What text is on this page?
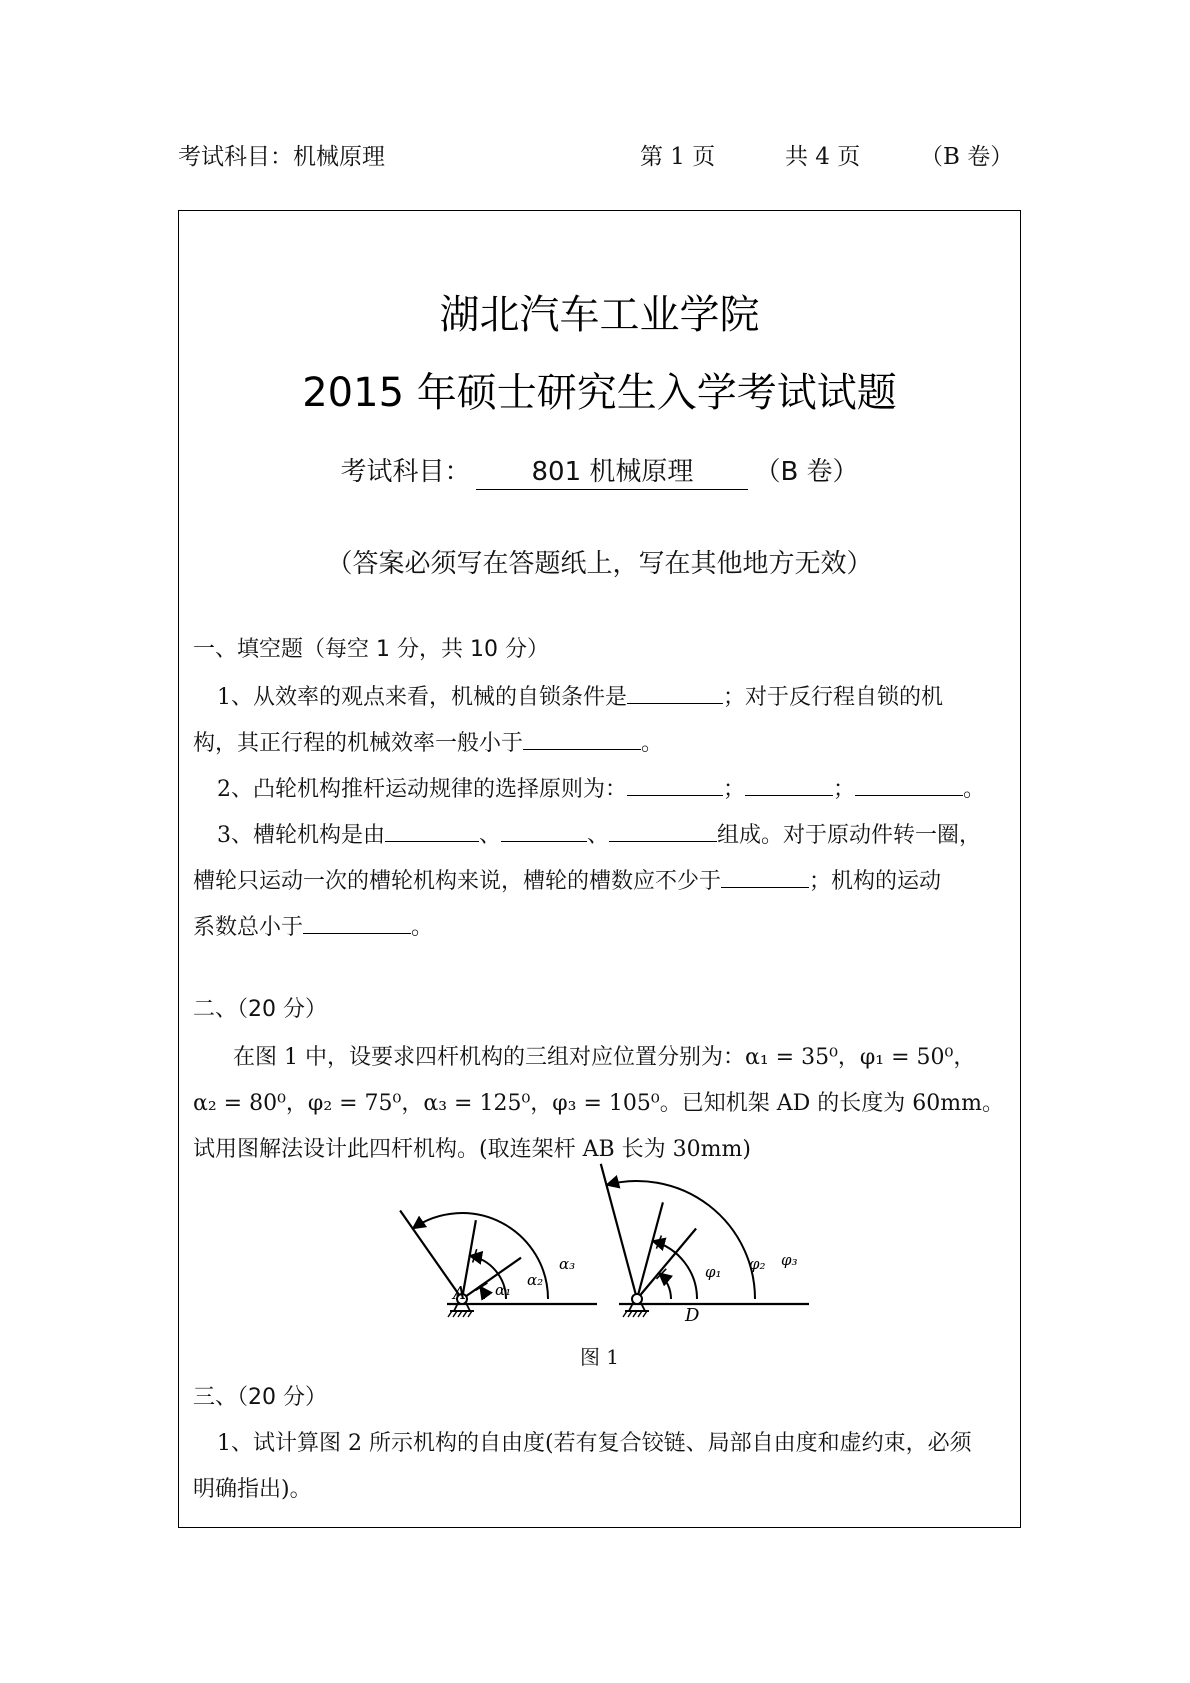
考试科目：机械原理	第 1 页	共 4 页	（B 卷）
湖北汽车工业学院
2015 年硕士研究生入学考试试题
考试科目： 801 机械原理 （B 卷）
（答案必须写在答题纸上，写在其他地方无效）
一、填空题（每空 1 分，共 10 分）
1、从效率的观点来看，机械的自锁条件是	；对于反行程自锁的机
构，其正行程的机械效率一般小于	。
2、凸轮机构推杆运动规律的选择原则为：	；	；	。
3、槽轮机构是由	、	、	组成。对于原动件转一圈，
槽轮只运动一次的槽轮机构来说，槽轮的槽数应不少于	；机构的运动
系数总小于	。
二、（20 分）
在图 1 中，设要求四杆机构的三组对应位置分别为：α₁ = 35⁰，φ₁ = 50⁰，
α₂ = 80⁰，φ₂ = 75⁰，α₃ = 125⁰，φ₃ = 105⁰。已知机架 AD 的长度为 60mm。
试用图解法设计此四杆机构。(取连架杆 AB 长为 30mm)
A
D
α₁
α₂
α₃	φ₁ φ₂ φ₃
图 1
三、（20 分）
1、试计算图 2 所示机构的自由度(若有复合铰链、局部自由度和虚约束，必须
明确指出)。
